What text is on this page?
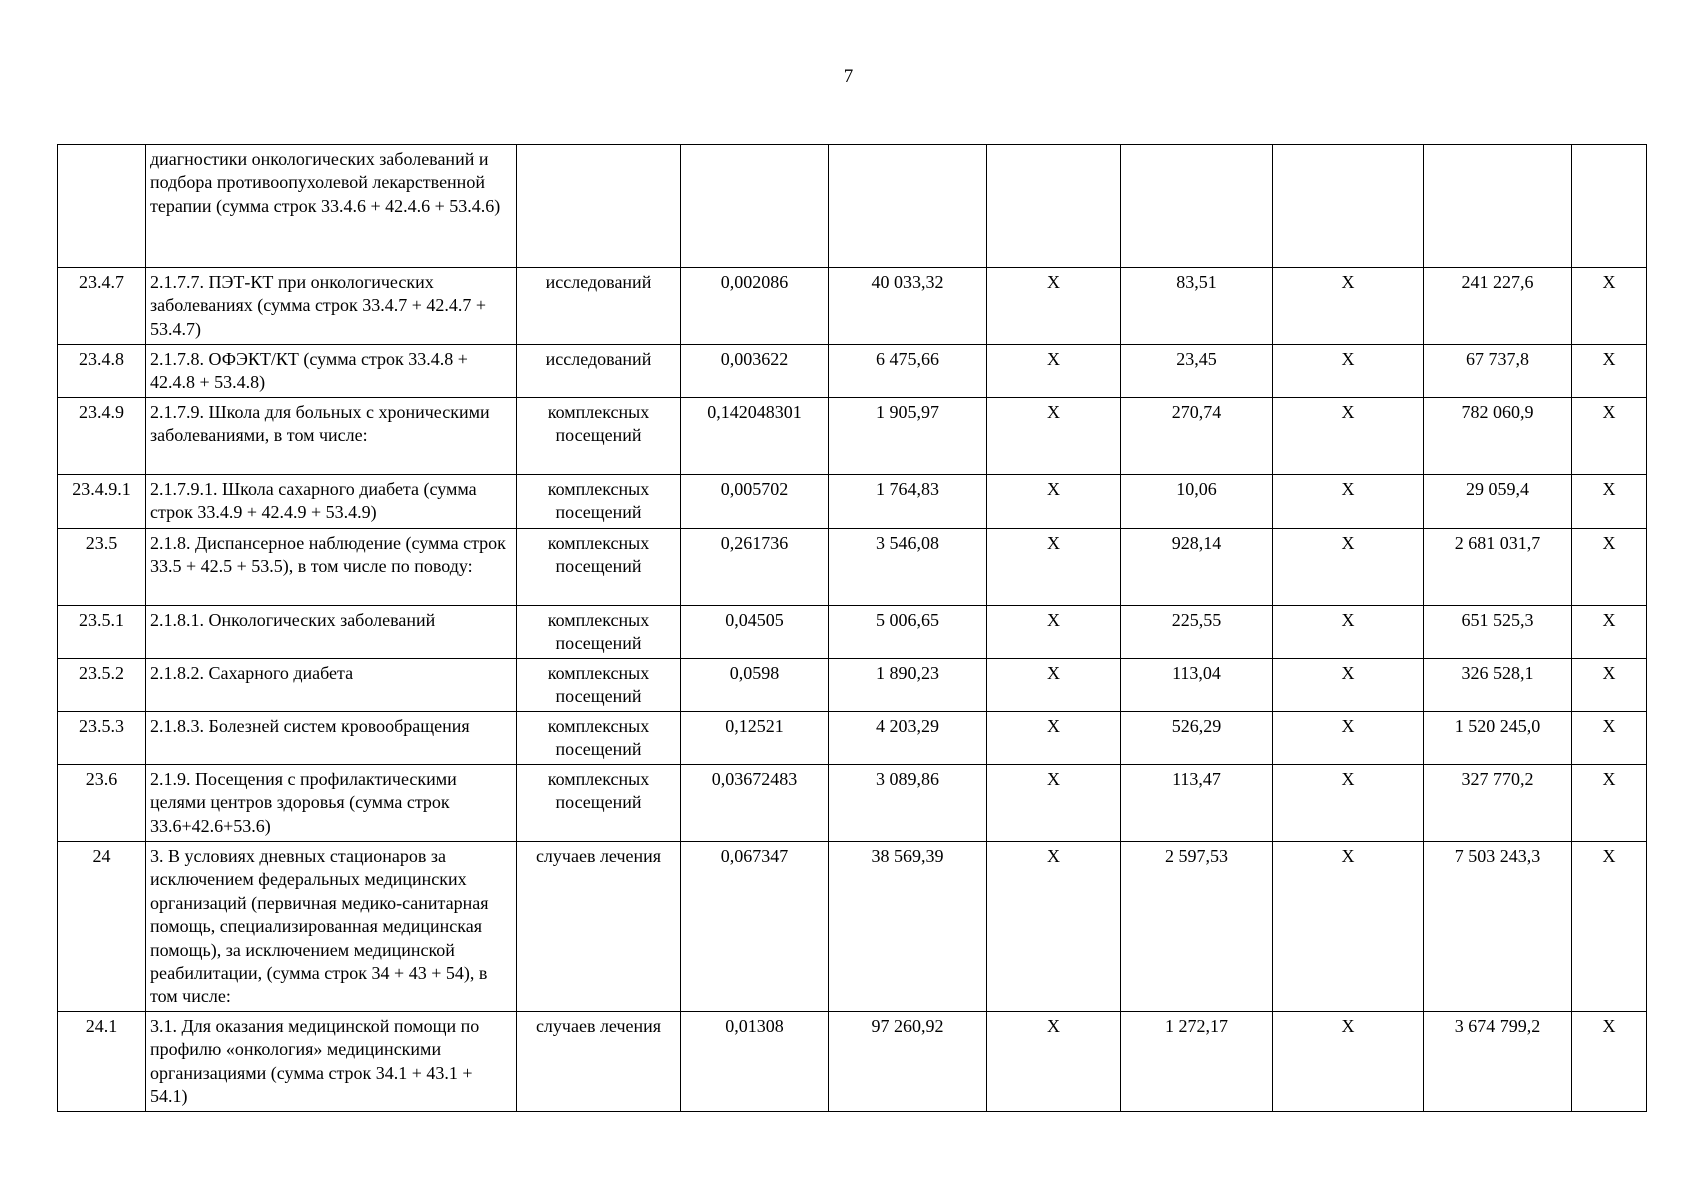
7
	диагностики онкологических заболеваний и подбора противоопухолевой лекарственной терапии (сумма строк 33.4.6 + 42.4.6 + 53.4.6)								
23.4.7	2.1.7.7. ПЭТ-КТ при онкологических заболеваниях (сумма строк 33.4.7 + 42.4.7 + 53.4.7)	исследований	0,002086	40 033,32	X	83,51	X	241 227,6	X
23.4.8	2.1.7.8. ОФЭКТ/КТ (сумма строк 33.4.8 + 42.4.8 + 53.4.8)	исследований	0,003622	6 475,66	X	23,45	X	67 737,8	X
23.4.9	2.1.7.9. Школа для больных с хроническими заболеваниями, в том числе:	комплексных посещений	0,142048301	1 905,97	X	270,74	X	782 060,9	X
23.4.9.1	2.1.7.9.1. Школа сахарного диабета (сумма строк 33.4.9 + 42.4.9 + 53.4.9)	комплексных посещений	0,005702	1 764,83	X	10,06	X	29 059,4	X
23.5	2.1.8. Диспансерное наблюдение (сумма строк 33.5 + 42.5 + 53.5), в том числе по поводу:	комплексных посещений	0,261736	3 546,08	X	928,14	X	2 681 031,7	X
23.5.1	2.1.8.1. Онкологических заболеваний	комплексных посещений	0,04505	5 006,65	X	225,55	X	651 525,3	X
23.5.2	2.1.8.2. Сахарного диабета	комплексных посещений	0,0598	1 890,23	X	113,04	X	326 528,1	X
23.5.3	2.1.8.3. Болезней систем кровообращения	комплексных посещений	0,12521	4 203,29	X	526,29	X	1 520 245,0	X
23.6	2.1.9. Посещения с профилактическими целями центров здоровья (сумма строк 33.6+42.6+53.6)	комплексных посещений	0,03672483	3 089,86	X	113,47	X	327 770,2	X
24	3. В условиях дневных стационаров за исключением федеральных медицинских организаций (первичная медико-санитарная помощь, специализированная медицинская помощь), за исключением медицинской реабилитации, (сумма строк 34 + 43 + 54), в том числе:	случаев лечения	0,067347	38 569,39	X	2 597,53	X	7 503 243,3	X
24.1	3.1. Для оказания медицинской помощи по профилю «онкология» медицинскими организациями (сумма строк 34.1 + 43.1 + 54.1)	случаев лечения	0,01308	97 260,92	X	1 272,17	X	3 674 799,2	X
